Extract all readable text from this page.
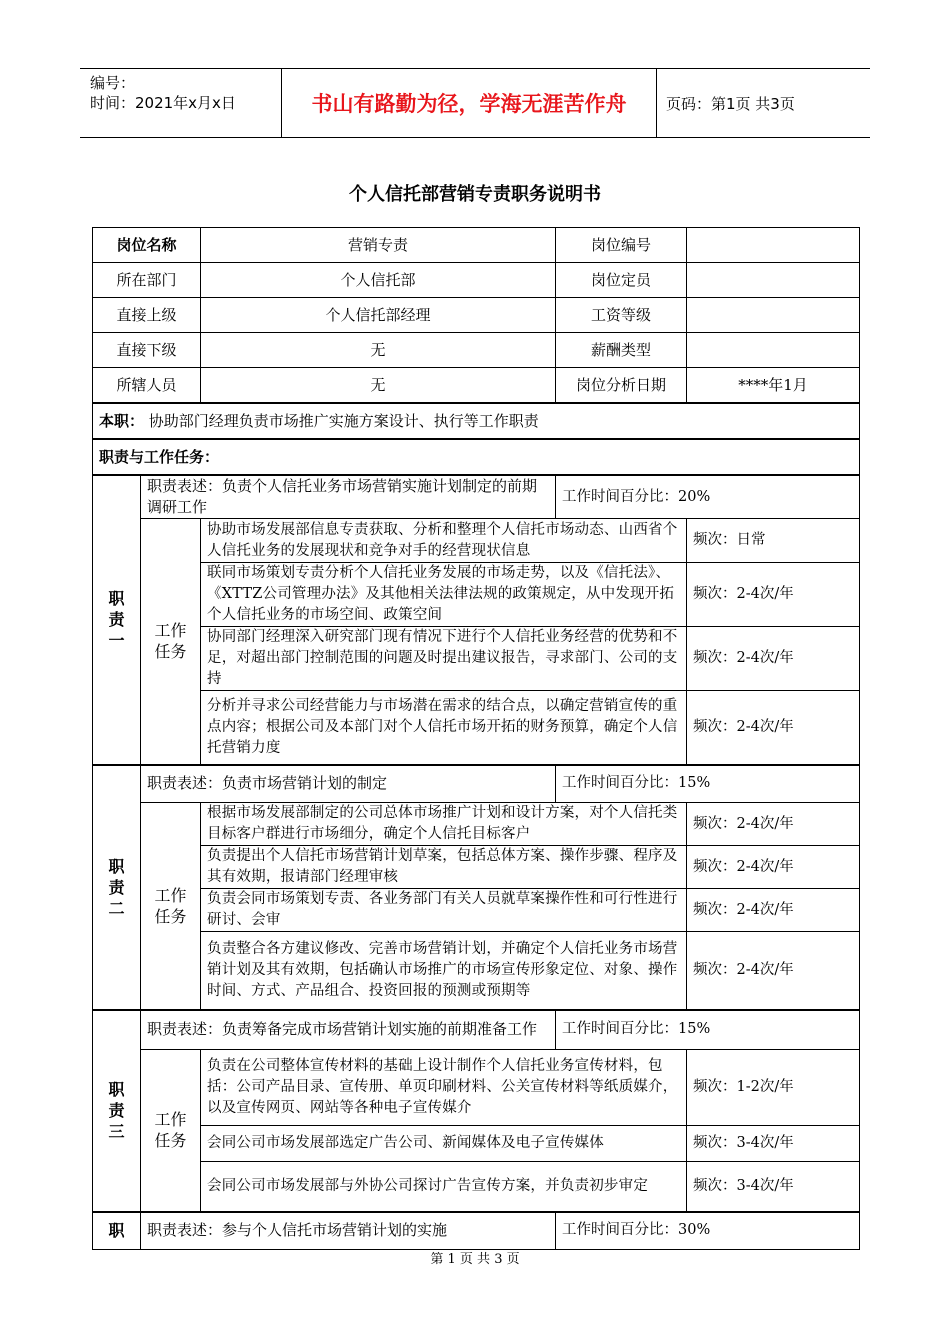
编号：
时间：2021年x月x日	书山有路勤为径，学海无涯苦作舟	页码：第1页 共3页
个人信托部营销专责职务说明书
岗位名称		营销专责	岗位编号	
所在部门		个人信托部	岗位定员	
直接上级		个人信托部经理	工资等级	
直接下级		无	薪酬类型	
所辖人员		无	岗位分析日期	****年1月
本职： 协助部门经理负责市场推广实施方案设计、执行等工作职责				
职责与工作任务：				

职
责
一	职责表述：负责个人信托业务市场营销实施计划制定的前期调研工作		工作时间百分比：20%	

	工作
任务	协助市场发展部信息专责获取、分析和整理个人信托市场动态、山西省个人信托业务的发展现状和竞争对手的经营现状信息		频次：日常
		联同市场策划专责分析个人信托业务发展的市场走势，以及《信托法》、《XTTZ公司管理办法》及其他相关法律法规的政策规定，从中发现开拓个人信托业务的市场空间、政策空间		频次：2-4次/年
		协同部门经理深入研究部门现有情况下进行个人信托业务经营的优势和不足，对超出部门控制范围的问题及时提出建议报告，寻求部门、公司的支持		频次：2-4次/年
		分析并寻求公司经营能力与市场潜在需求的结合点，以确定营销宣传的重点内容；根据公司及本部门对个人信托市场开拓的财务预算，确定个人信托营销力度		频次：2-4次/年

职
责
二	职责表述：负责市场营销计划的制定		工作时间百分比：15%	

	工作
任务	根据市场发展部制定的公司总体市场推广计划和设计方案，对个人信托类目标客户群进行市场细分，确定个人信托目标客户		频次：2-4次/年
		负责提出个人信托市场营销计划草案，包括总体方案、操作步骤、程序及其有效期，报请部门经理审核		频次：2-4次/年
		负责会同市场策划专责、各业务部门有关人员就草案操作性和可行性进行研讨、会审		频次：2-4次/年
		负责整合各方建议修改、完善市场营销计划，并确定个人信托业务市场营销计划及其有效期，包括确认市场推广的市场宣传形象定位、对象、操作时间、方式、产品组合、投资回报的预测或预期等		频次：2-4次/年

职
责
三	职责表述：负责筹备完成市场营销计划实施的前期准备工作		工作时间百分比：15%	

	工作
任务	负责在公司整体宣传材料的基础上设计制作个人信托业务宣传材料，包括：公司产品目录、宣传册、单页印刷材料、公关宣传材料等纸质媒介，以及宣传网页、网站等各种电子宣传媒介		频次：1-2次/年
		会同公司市场发展部选定广告公司、新闻媒体及电子宣传媒体		频次：3-4次/年
		会同公司市场发展部与外协公司探讨广告宣传方案，并负责初步审定		频次：3-4次/年
职	职责表述：参与个人信托市场营销计划的实施		工作时间百分比：30%	
第 1 页 共 3 页
